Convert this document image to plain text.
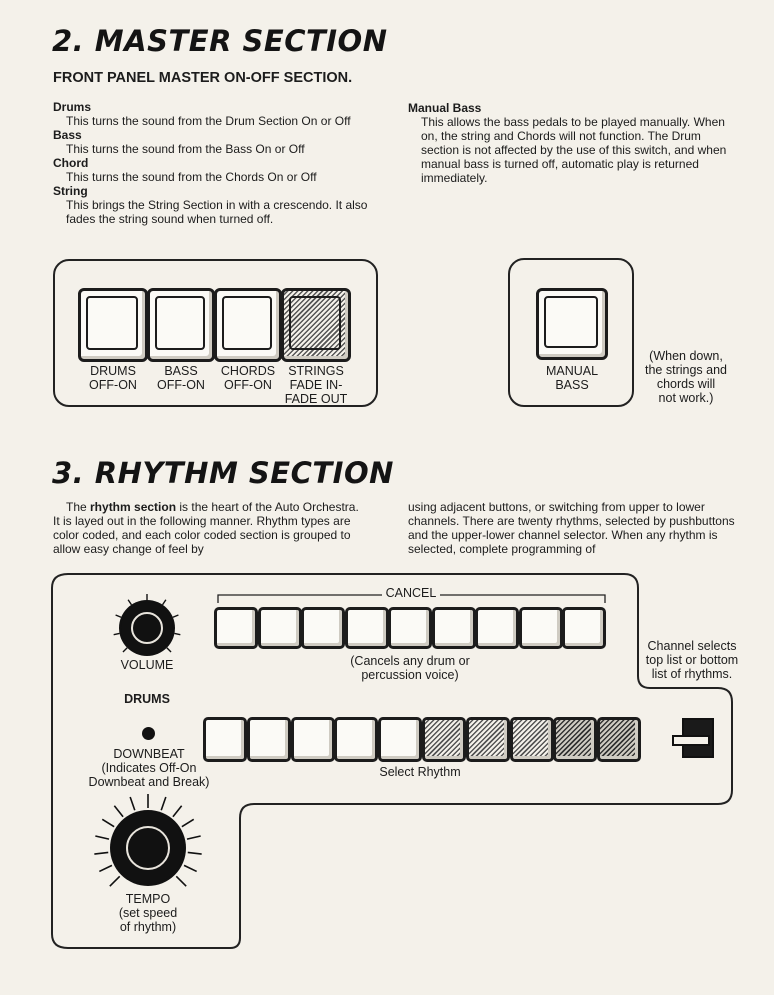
2. MASTER SECTION
FRONT PANEL MASTER ON-OFF SECTION.
Drums
This turns the sound from the Drum Section On or Off
Bass
This turns the sound from the Bass On or Off
Chord
This turns the sound from the Chords On or Off
String
This brings the String Section in with a crescendo. It also fades the string sound when turned off.
Manual Bass
This allows the bass pedals to be played manually. When on, the string and Chords will not function. The Drum section is not affected by the use of this switch, and when manual bass is turned off, automatic play is returned immediately.
DRUMS
OFF-ON
BASS
OFF-ON
CHORDS
OFF-ON
STRINGS
FADE IN-
FADE OUT
MANUAL
BASS
(When down,
the strings and
chords will
not work.)
3. RHYTHM SECTION
The rhythm section is the heart of the Auto Orchestra. It is layed out in the following manner. Rhythm types are color coded, and each color coded section is grouped to allow easy change of feel by
using adjacent buttons, or switching from upper to lower channels. There are twenty rhythms, selected by pushbuttons and the upper-lower channel selector. When any rhythm is selected, complete programming of
VOLUME
DRUMS
CANCEL
(Cancels any drum or
percussion voice)
Channel selects
top list or bottom
list of rhythms.
DOWNBEAT
(Indicates Off-On
Downbeat and Break)
Select Rhythm
TEMPO
(set speed
of rhythm)
